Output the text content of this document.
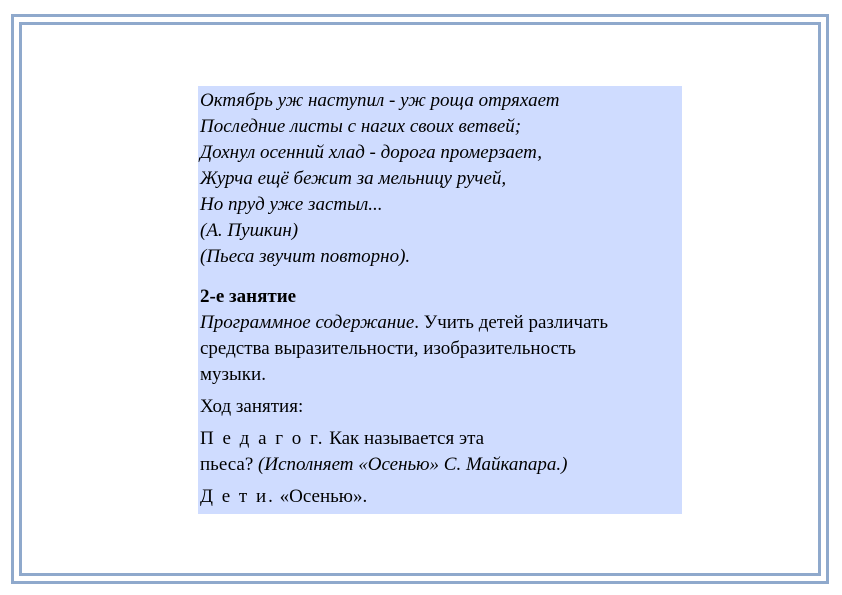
Октябрь уж наступил - уж роща отряхает
Последние листы с нагих своих ветвей;
Дохнул осенний хлад - дорога промерзает,
Журча ещё бежит за мельницу ручей,
Но пруд уже застыл...
(А. Пушкин)
(Пьеса звучит повторно).
2-е занятие
Программное содержание. Учить детей различать
средства выразительности, изобразительность
музыки.
Ход занятия:
П е д а г о г. Как называется эта
пьеса? (Исполняет «Осенью» С. Майкапара.)
Д е т и. «Осенью».
